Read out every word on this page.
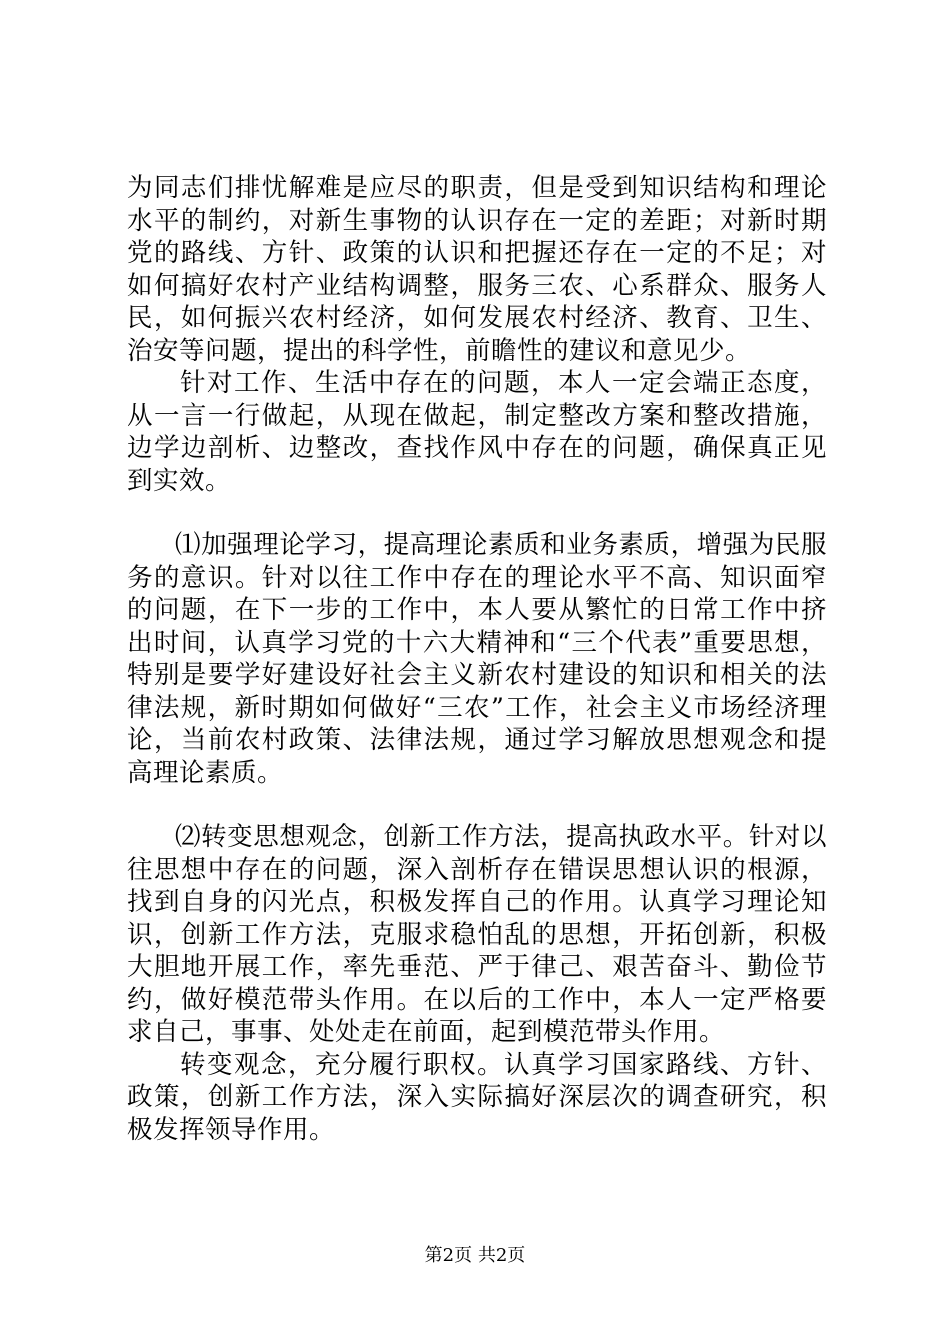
为同志们排忧解难是应尽的职责，但是受到知识结构和理论水平的制约，对新生事物的认识存在一定的差距；对新时期党的路线、方针、政策的认识和把握还存在一定的不足；对如何搞好农村产业结构调整，服务三农、心系群众、服务人民，如何振兴农村经济，如何发展农村经济、教育、卫生、治安等问题，提出的科学性，前瞻性的建议和意见少。

针对工作、生活中存在的问题，本人一定会端正态度，从一言一行做起，从现在做起，制定整改方案和整改措施，边学边剖析、边整改，查找作风中存在的问题，确保真正见到实效。

⑴加强理论学习，提高理论素质和业务素质，增强为民服务的意识。针对以往工作中存在的理论水平不高、知识面窄的问题，在下一步的工作中，本人要从繁忙的日常工作中挤出时间，认真学习党的十六大精神和“三个代表”重要思想，特别是要学好建设好社会主义新农村建设的知识和相关的法律法规，新时期如何做好“三农”工作，社会主义市场经济理论，当前农村政策、法律法规，通过学习解放思想观念和提高理论素质。

⑵转变思想观念，创新工作方法，提高执政水平。针对以往思想中存在的问题，深入剖析存在错误思想认识的根源，找到自身的闪光点，积极发挥自己的作用。认真学习理论知识，创新工作方法，克服求稳怕乱的思想，开拓创新，积极大胆地开展工作，率先垂范、严于律己、艰苦奋斗、勤俭节约，做好模范带头作用。在以后的工作中，本人一定严格要求自己，事事、处处走在前面，起到模范带头作用。

转变观念，充分履行职权。认真学习国家路线、方针、政策，创新工作方法，深入实际搞好深层次的调查研究，积极发挥领导作用。

第2页 共2页
